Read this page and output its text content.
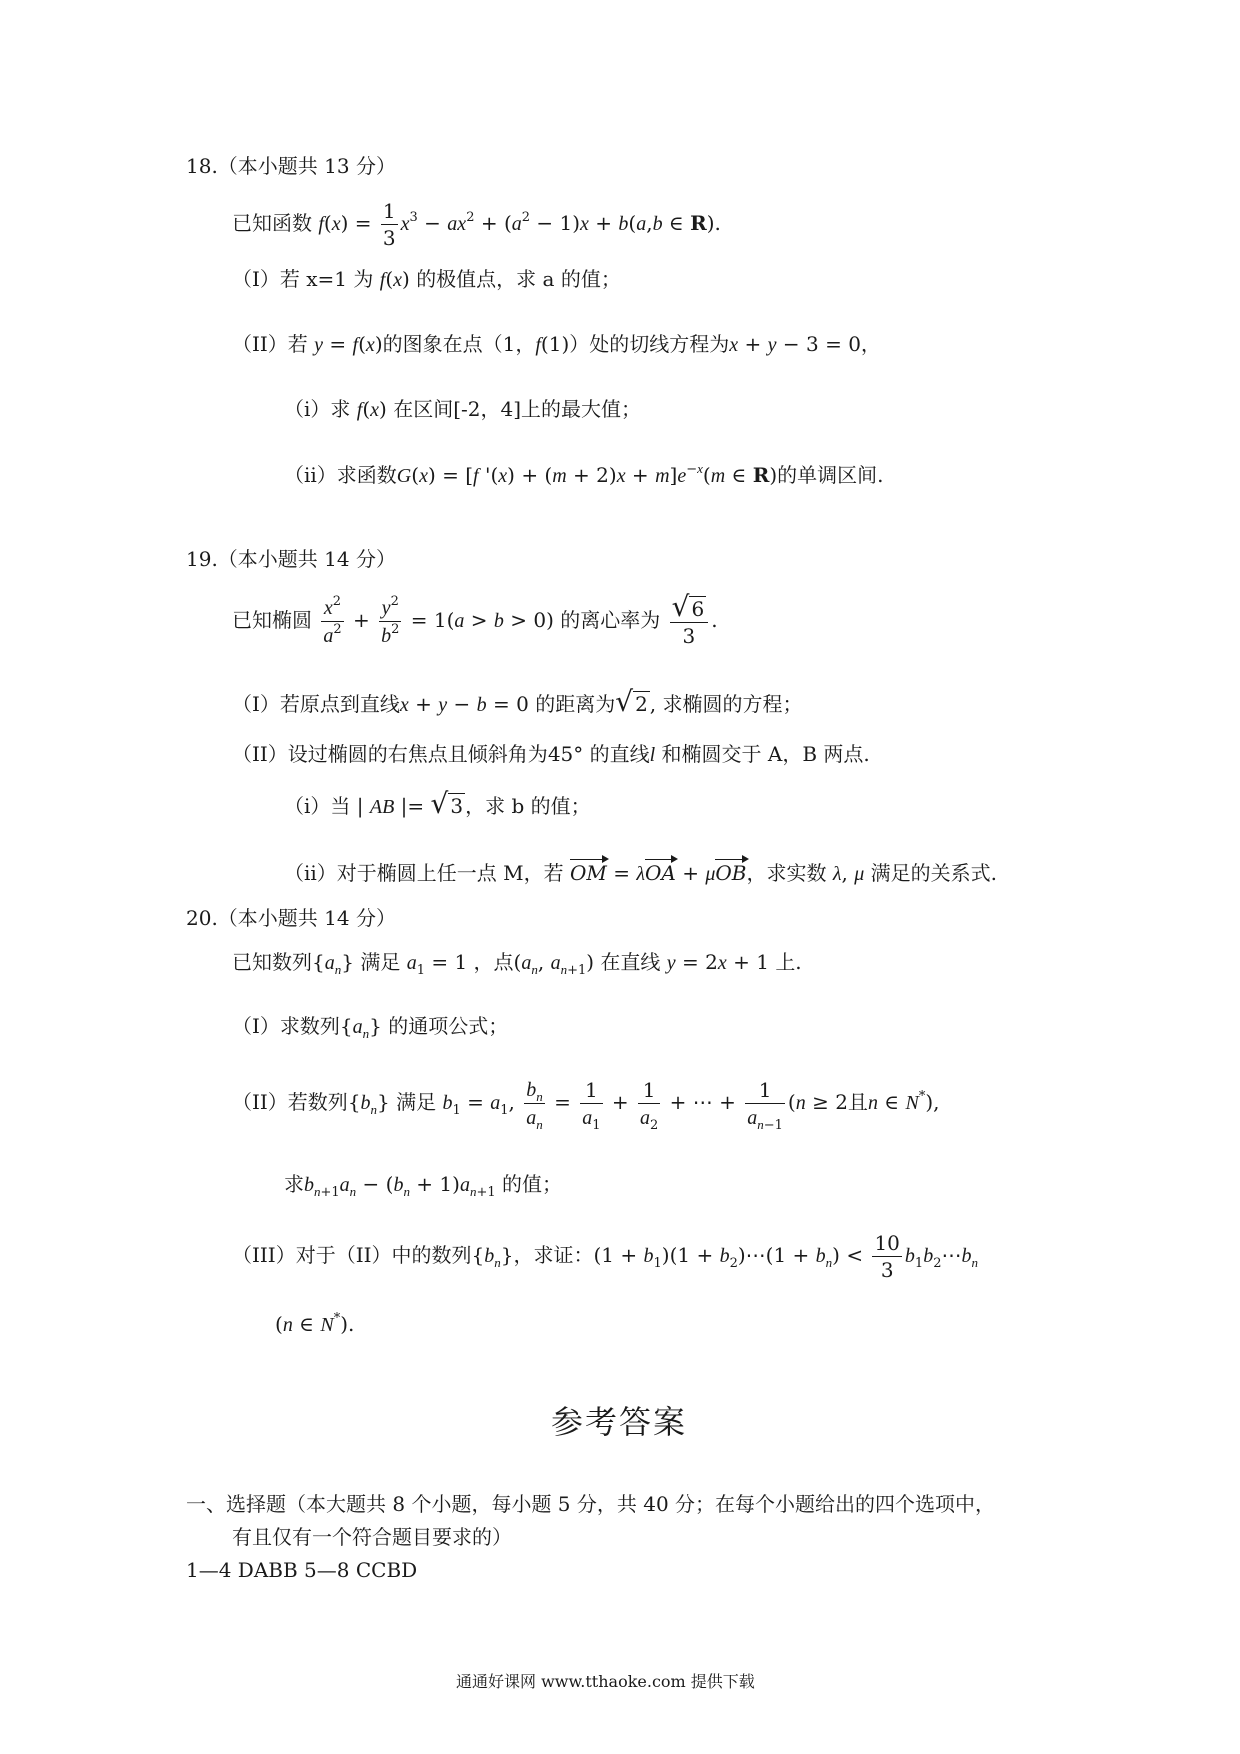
18.（本小题共 13 分）
已知函数 $f(x) = \frac{1}{3} x^3 - ax^2 + (a^2 - 1)x + b(a,b$ ∈ R).
（I）若 x=1 为 f(x) 的极值点，求 a 的值；
（II）若 y = f(x)的图象在点（1，f(1)）处的切线方程为x + y − 3 = 0，
（i）求 f(x) 在区间[-2，4]上的最大值；
（ii）求函数G(x) = [f '$(x) + (m + 2)x + m]e^{-x}(m$ ∈ R)的单调区间.
19.（本小题共 14 分）
已知椭圆 $\frac{x^2}{a^2} + \frac{y^2}{b^2} = 1(a > b > 0)$ 的离心率为 $\frac{√ 6}{3}$ .
（I）若原点到直线x + y − b = 0 的距离为√ 2 , 求椭圆的方程；
（II）设过椭圆的右焦点且倾斜角为45° 的直线l 和椭圆交于 A，B 两点.
（i）当 | AB |= √ 3 ，求 b 的值；
（ii）对于椭圆上任一点 M，若 OM = λOA + μOB，求实数 λ, μ 满足的关系式.
20.（本小题共 14 分）
已知数列$\{a_n\}$ 满足 $a_1 = 1$ ，点($a_n$, $a_{n+1}$) 在直线 y = 2x + 1 上.
（I）求数列$\{a_n\}$ 的通项公式；
（II）若数列$\{b_n\}$ 满足 $b_1 = a_1$, $\frac{b_n}{a_n} = \frac{1}{a_1} + \frac{1}{a_2}$ + ⋯ + $\frac{1}{a_{n-1}} (n \ge 2$且n ∈ N*),
求$b_{n+1}a_n - (b_n + 1)a_{n+1}$ 的值；
（III）对于（II）中的数列$\{b_n\}$，求证：$(1 + b_1)(1$ + $b_2)\cdots(1 + b_n) < \frac{10}{3}$ $b_1b_2\cdots b_n$
(n ∈ N*).
参考答案
一、选择题（本大题共 8 个小题，每小题 5 分，共 40 分；在每个小题给出的四个选项中，
有且仅有一个符合题目要求的）
1—4 DABB 5—8 CCBD
通通好课网 www.tthaoke.com 提供下载
